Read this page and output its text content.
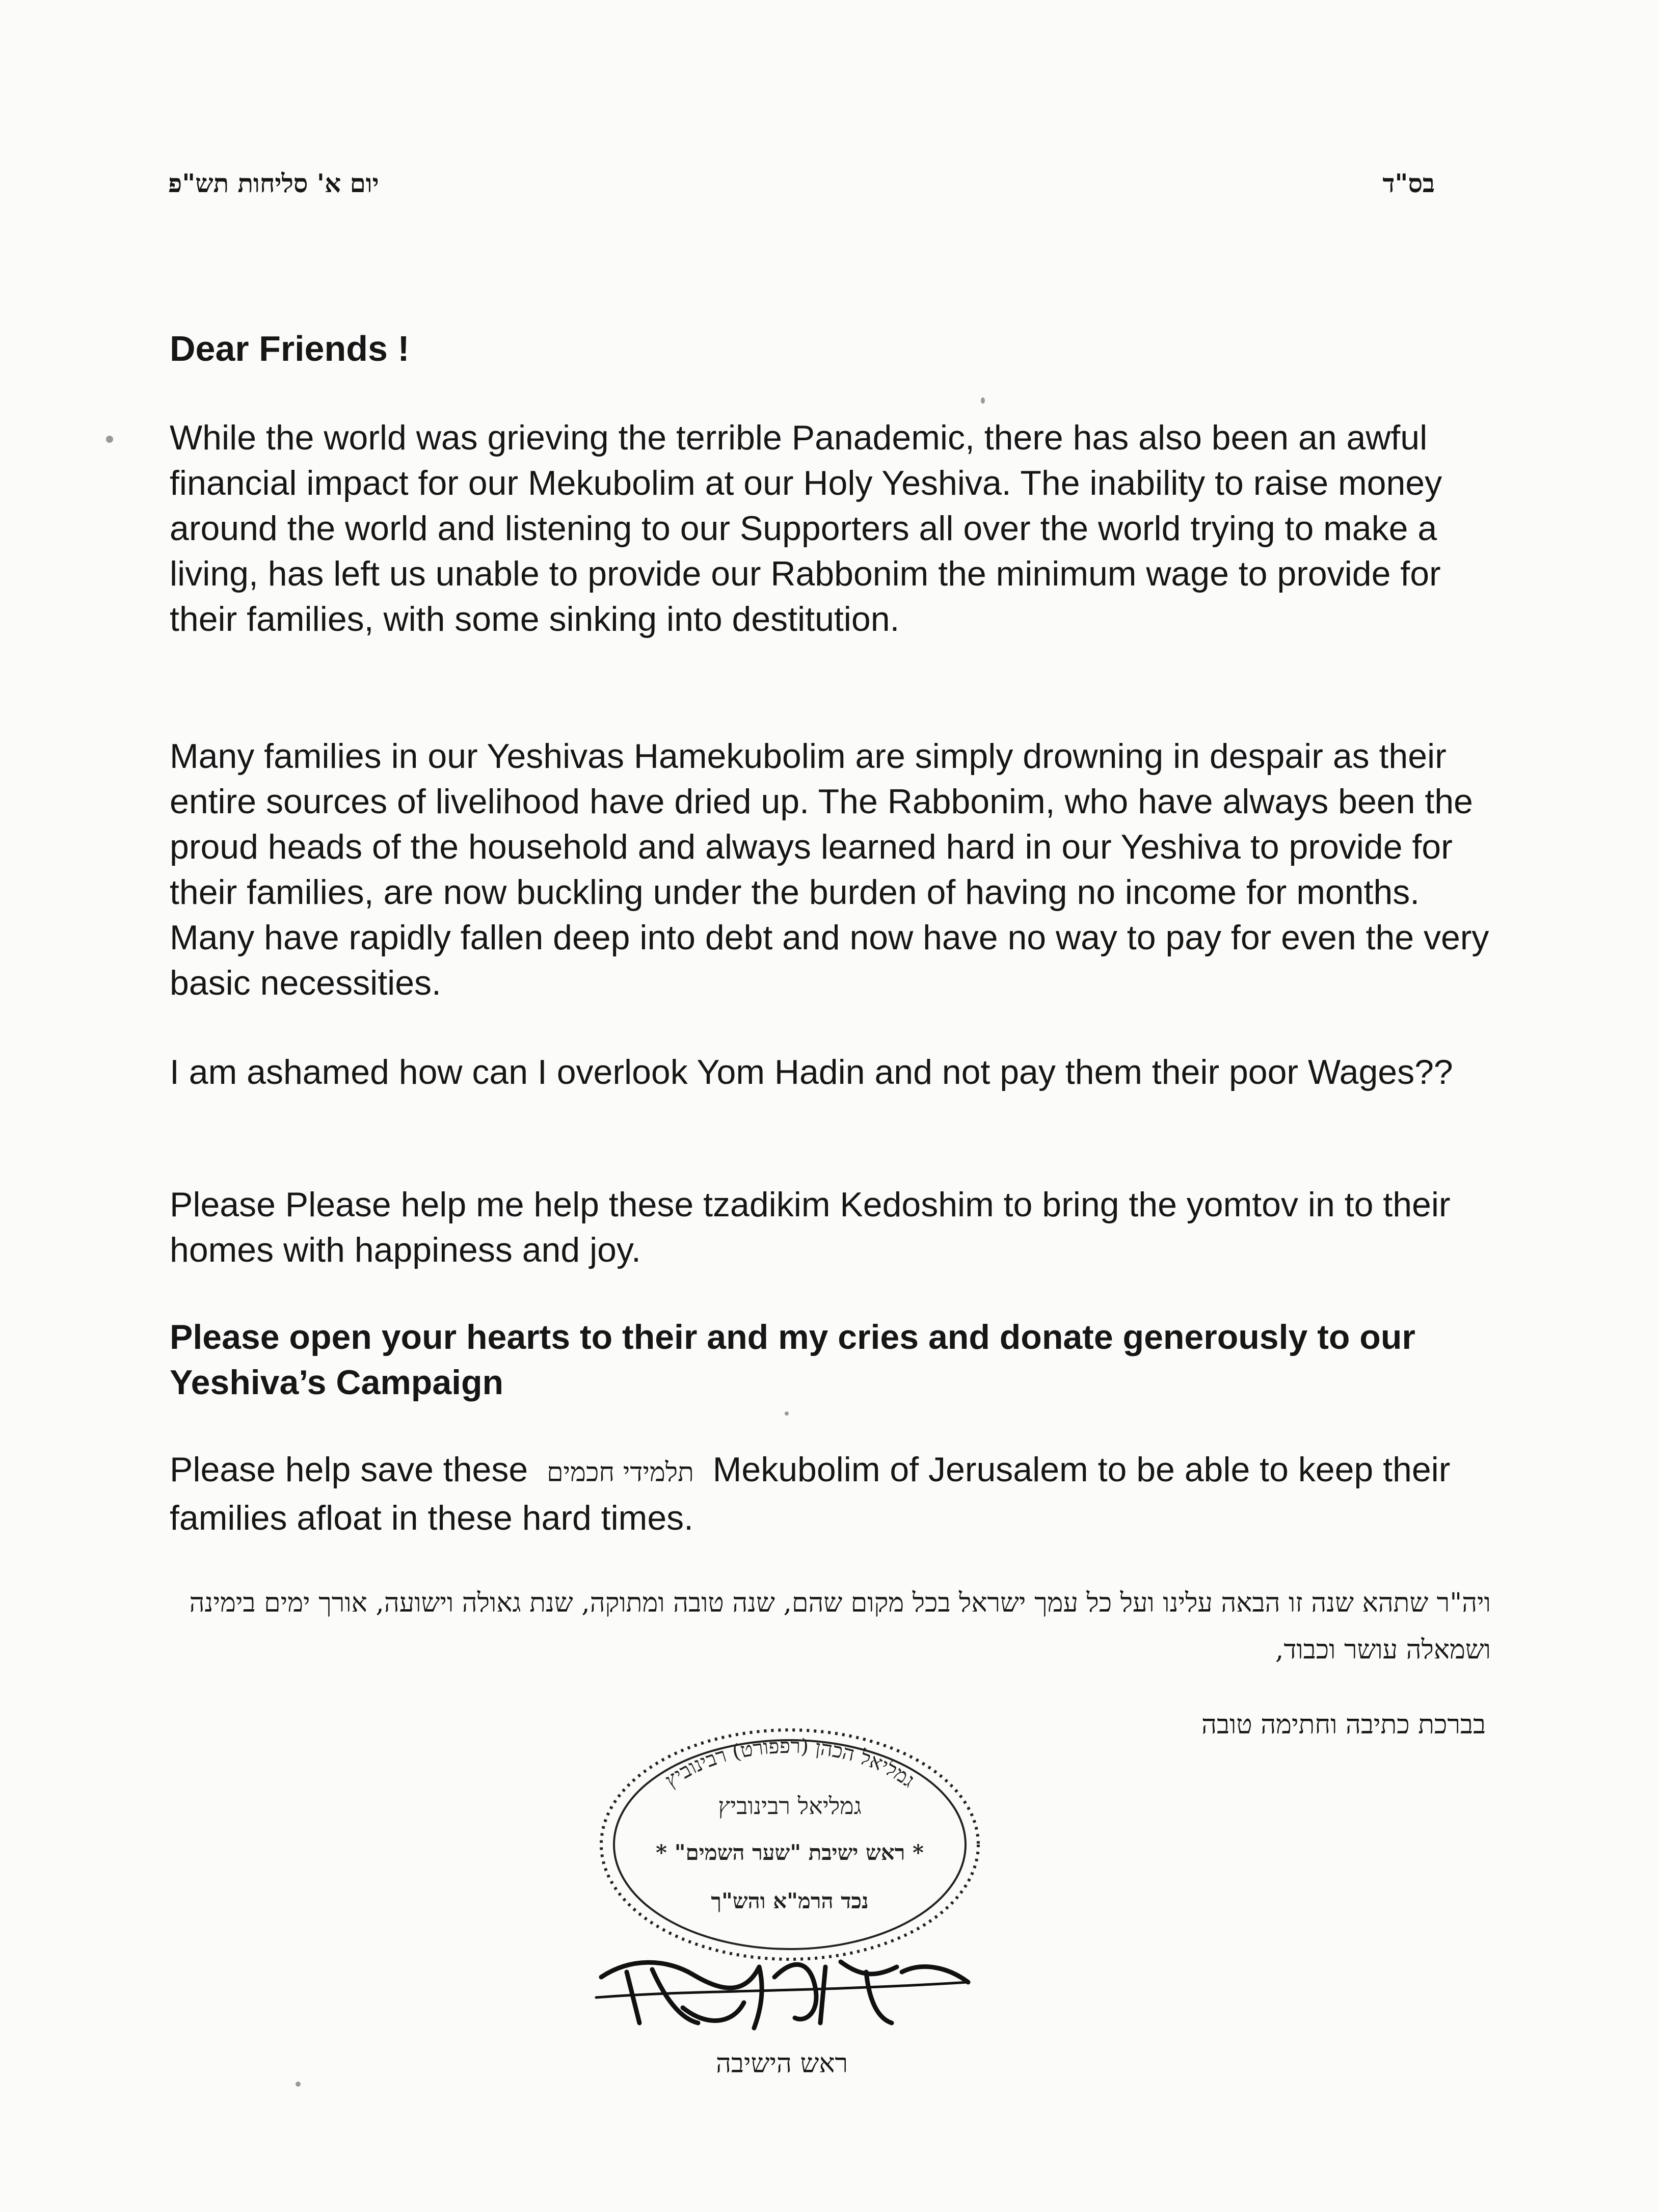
בס"ד
יום א' סליחות תש"פ
Dear Friends !
While the world was grieving the terrible Panademic, there has also been an awful financial impact for our Mekubolim at our Holy Yeshiva. The inability to raise money around the world and listening to our Supporters all over the world trying to make a living, has left us unable to provide our Rabbonim the minimum wage to provide for their families, with some sinking into destitution.
Many families in our Yeshivas Hamekubolim are simply drowning in despair as their entire sources of livelihood have dried up. The Rabbonim, who have always been the proud heads of the household and always learned hard in our Yeshiva to provide for their families, are now buckling under the burden of having no income for months. Many have rapidly fallen deep into debt and now have no way to pay for even the very basic necessities.
I am ashamed how can I overlook Yom Hadin and not pay them their poor Wages??
Please Please help me help these tzadikim Kedoshim to bring the yomtov in to their homes with happiness and joy.
Please open your hearts to their and my cries and donate generously to our Yeshiva’s Campaign
Please help save these תלמידי חכמים Mekubolim of Jerusalem to be able to keep their families afloat in these hard times.
ויה"ר שתהא שנה זו הבאה עלינו ועל כל עמך ישראל בכל מקום שהם, שנה טובה ומתוקה, שנת גאולה וישועה, אורך ימים בימינה ושמאלה עושר וכבוד,
בברכת כתיבה וחתימה טובה
גמליאל הכהן (רפפורט) רבינוביץ
גמליאל רבינוביץ
* ראש ישיבת "שער השמים" *
נכד הרמ"א והש"ך
ראש הישיבה
